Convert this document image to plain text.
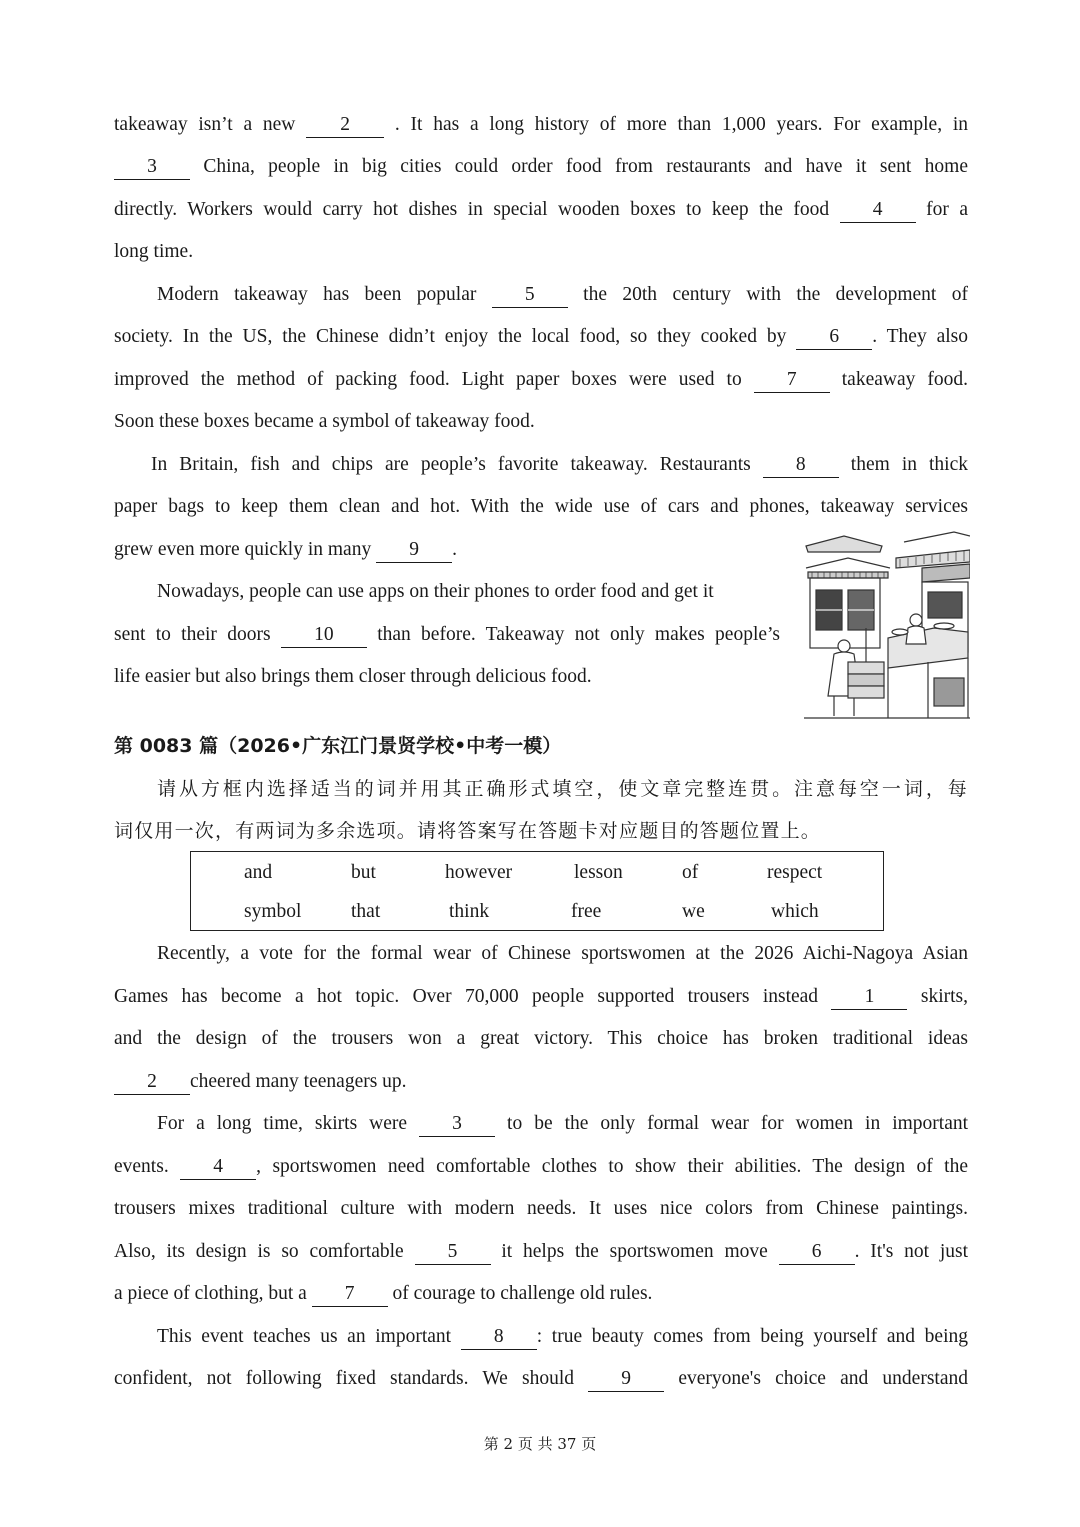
takeaway isn’t a new 2 . It has a long history of more than 1,000 years. For example, in
3 China, people in big cities could order food from restaurants and have it sent home
directly. Workers would carry hot dishes in special wooden boxes to keep the food 4 for a
long time.
Modern takeaway has been popular 5 the 20th century with the development of
society. In the US, the Chinese didn’t enjoy the local food, so they cooked by 6 . They also
improved the method of packing food. Light paper boxes were used to 7 takeaway food.
Soon these boxes became a symbol of takeaway food.
In Britain, fish and chips are people’s favorite takeaway. Restaurants 8 them in thick
paper bags to keep them clean and hot. With the wide use of cars and phones, takeaway services
grew even more quickly in many 9 .
Nowadays, people can use apps on their phones to order food and get it
sent to their doors 10 than before. Takeaway not only makes people’s
life easier but also brings them closer through delicious food.
第 0083 篇（2026•广东江门景贤学校•中考一模）
请从方框内选择适当的词并用其正确形式填空，使文章完整连贯。注意每空一词，每
词仅用一次，有两词为多余选项。请将答案写在答题卡对应题目的答题位置上。
and	but	however	lesson	of	respect
symbol	that	think	free	we	which
Recently, a vote for the formal wear of Chinese sportswomen at the 2026 Aichi-Nagoya Asian
Games has become a hot topic. Over 70,000 people supported trousers instead 1 skirts,
and the design of the trousers won a great victory. This choice has broken traditional ideas
2 cheered many teenagers up.
For a long time, skirts were 3 to be the only formal wear for women in important
events. 4 , sportswomen need comfortable clothes to show their abilities. The design of the
trousers mixes traditional culture with modern needs. It uses nice colors from Chinese paintings.
Also, its design is so comfortable 5 it helps the sportswomen move 6 . It's not just
a piece of clothing, but a 7 of courage to challenge old rules.
This event teaches us an important 8 : true beauty comes from being yourself and being
confident, not following fixed standards. We should 9 everyone's choice and understand
第 2 页 共 37 页
